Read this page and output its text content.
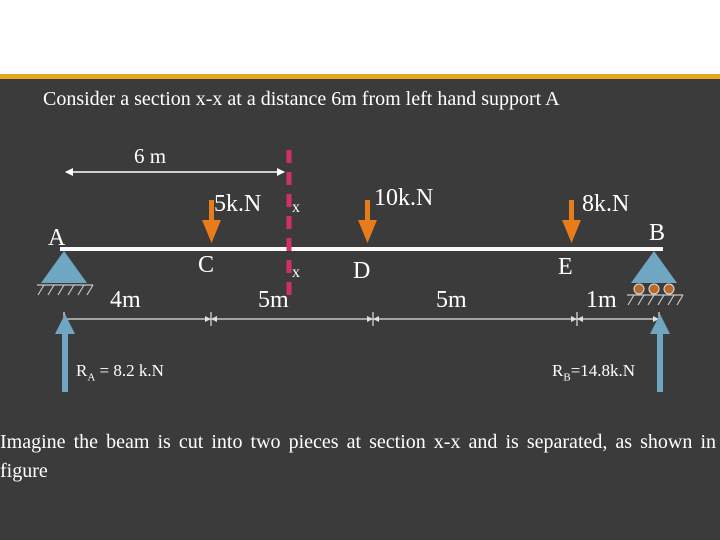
Shear Force and Bending Moments
Consider a section x-x at a distance 6m from left hand support A
6 m
x
x
5k.N	10k.N	8k.N
A
C	D	E
B
4m	5m	5m	1m
$R_A = 8.2$ k.N	$R_B=14.8k.N$
Imagine the beam is cut into two pieces at section x-x and is separated, as shown in figure
